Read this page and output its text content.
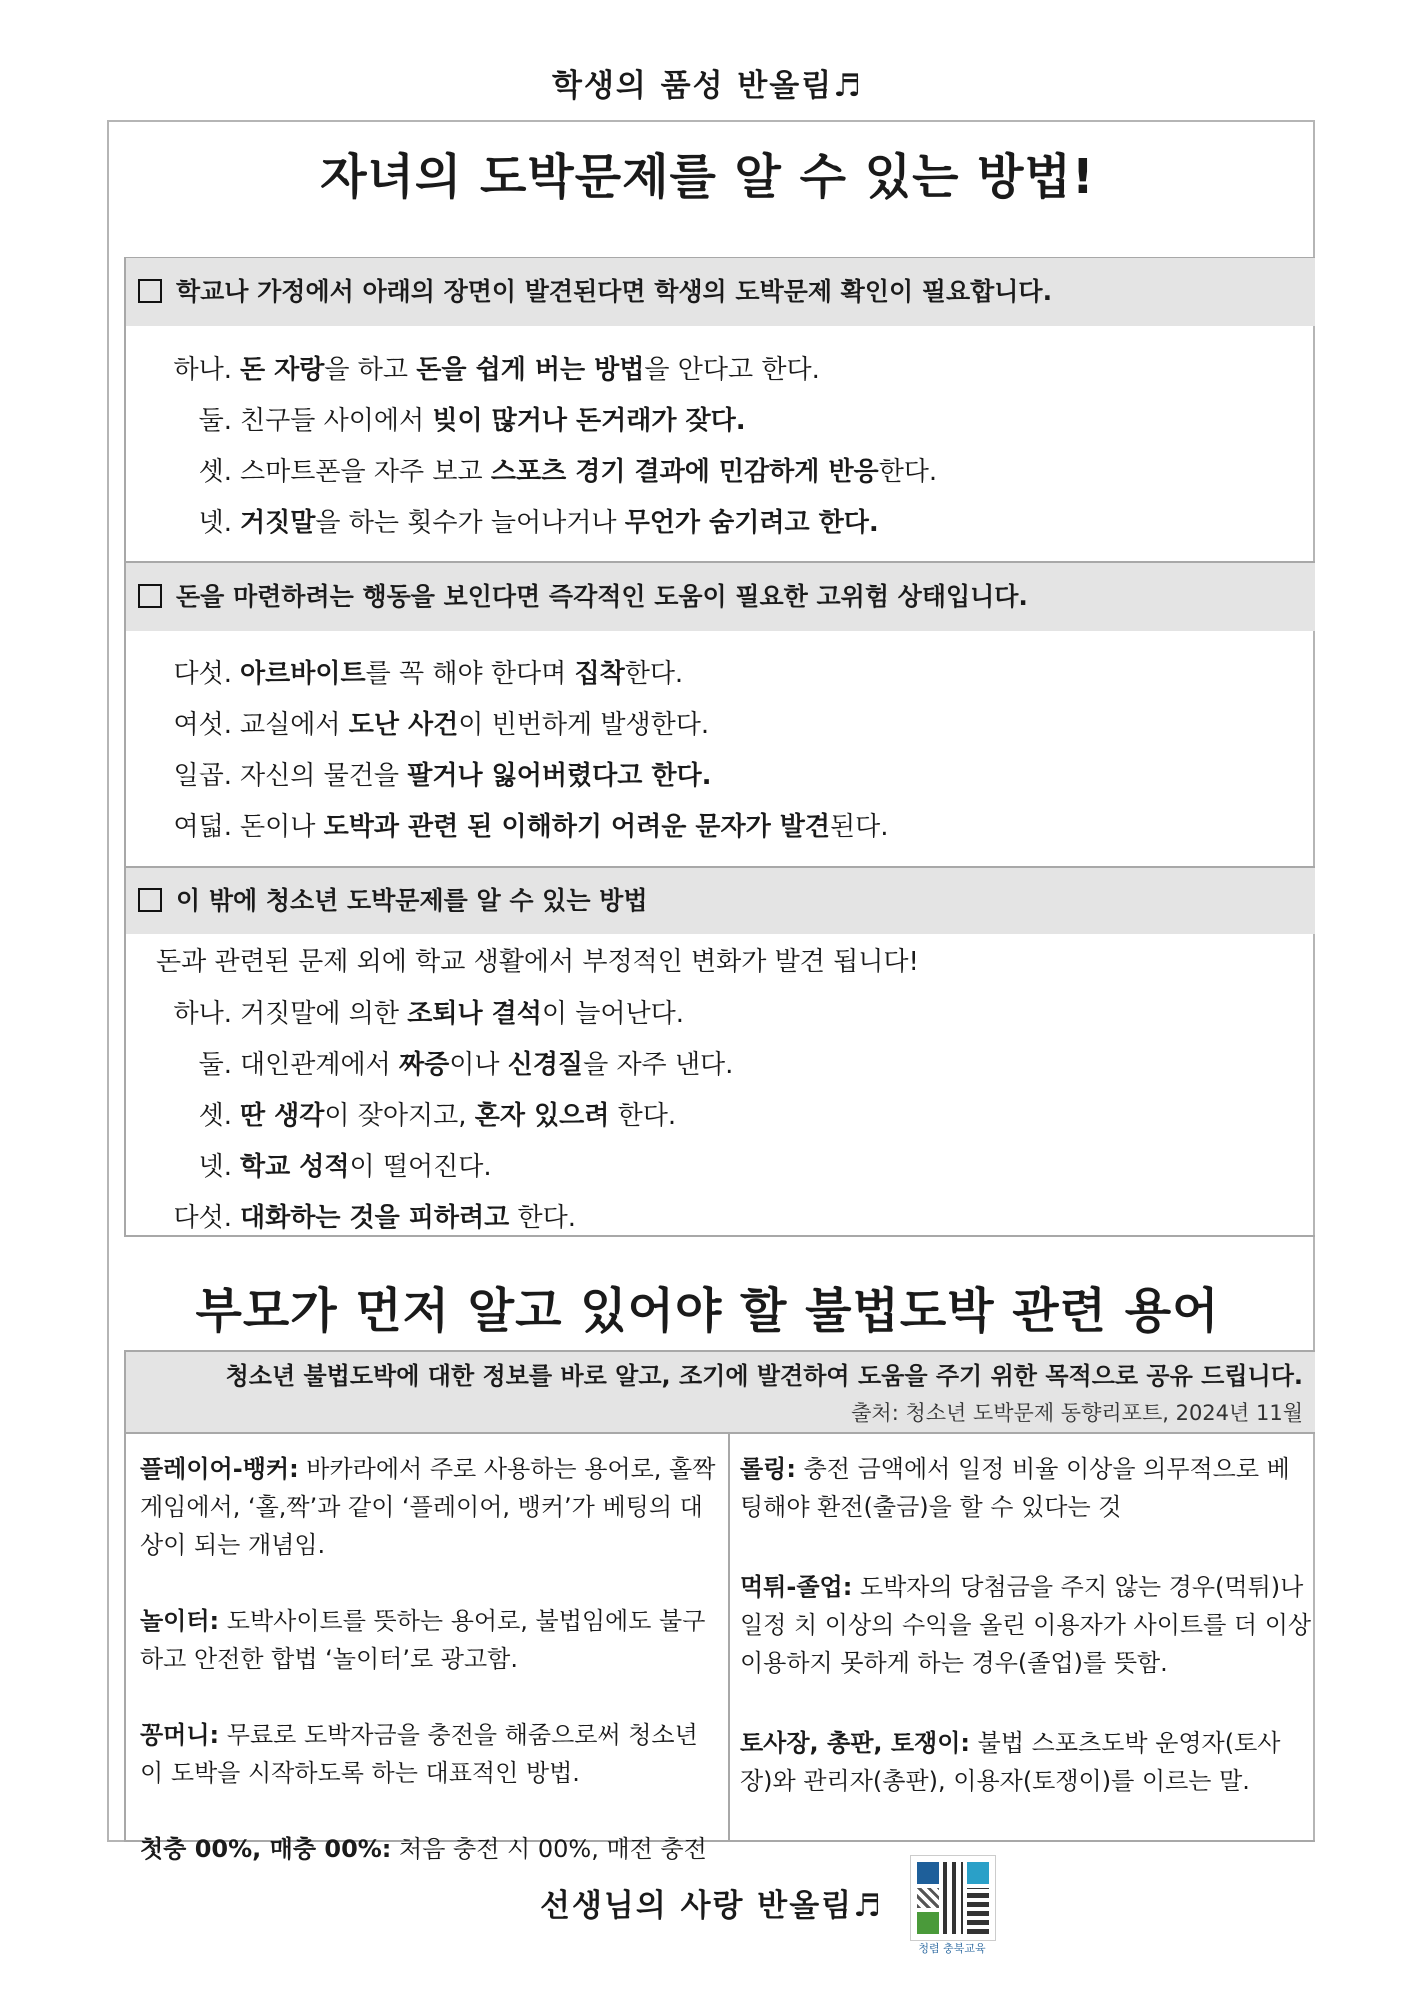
학생의 품성 반올림♬
자녀의 도박문제를 알 수 있는 방법!
학교나 가정에서 아래의 장면이 발견된다면 학생의 도박문제 확인이 필요합니다.
하나. 돈 자랑을 하고 돈을 쉽게 버는 방법을 안다고 한다.
둘. 친구들 사이에서 빚이 많거나 돈거래가 잦다.
셋. 스마트폰을 자주 보고 스포츠 경기 결과에 민감하게 반응한다.
넷. 거짓말을 하는 횟수가 늘어나거나 무언가 숨기려고 한다.
돈을 마련하려는 행동을 보인다면 즉각적인 도움이 필요한 고위험 상태입니다.
다섯. 아르바이트를 꼭 해야 한다며 집착한다.
여섯. 교실에서 도난 사건이 빈번하게 발생한다.
일곱. 자신의 물건을 팔거나 잃어버렸다고 한다.
여덟. 돈이나 도박과 관련 된 이해하기 어려운 문자가 발견된다.
이 밖에 청소년 도박문제를 알 수 있는 방법
돈과 관련된 문제 외에 학교 생활에서 부정적인 변화가 발견 됩니다!
하나. 거짓말에 의한 조퇴나 결석이 늘어난다.
둘. 대인관계에서 짜증이나 신경질을 자주 낸다.
셋. 딴 생각이 잦아지고, 혼자 있으려 한다.
넷. 학교 성적이 떨어진다.
다섯. 대화하는 것을 피하려고 한다.
부모가 먼저 알고 있어야 할 불법도박 관련 용어
청소년 불법도박에 대한 정보를 바로 알고, 조기에 발견하여 도움을 주기 위한 목적으로 공유 드립니다.
출처: 청소년 도박문제 동향리포트, 2024년 11월
플레이어-뱅커: 바카라에서 주로 사용하는 용어로, 홀짝게임에서, ‘홀,짝’과 같이 ‘플레이어, 뱅커’가 베팅의 대상이 되는 개념임.
놀이터: 도박사이트를 뜻하는 용어로, 불법임에도 불구하고 안전한 합법 ‘놀이터’로 광고함.
꽁머니: 무료로 도박자금을 충전을 해줌으로써 청소년이 도박을 시작하도록 하는 대표적인 방법.
첫충 00%, 매충 00%: 처음 충전 시 00%, 매전 충전
롤링: 충전 금액에서 일정 비율 이상을 의무적으로 베팅해야 환전(출금)을 할 수 있다는 것
먹튀-졸업: 도박자의 당첨금을 주지 않는 경우(먹튀)나 일정 치 이상의 수익을 올린 이용자가 사이트를 더 이상 이용하지 못하게 하는 경우(졸업)를 뜻함.
토사장, 총판, 토쟁이: 불법 스포츠도박 운영자(토사장)와 관리자(총판), 이용자(토쟁이)를 이르는 말.
선생님의 사랑 반올림♬
청렴 충북교육
